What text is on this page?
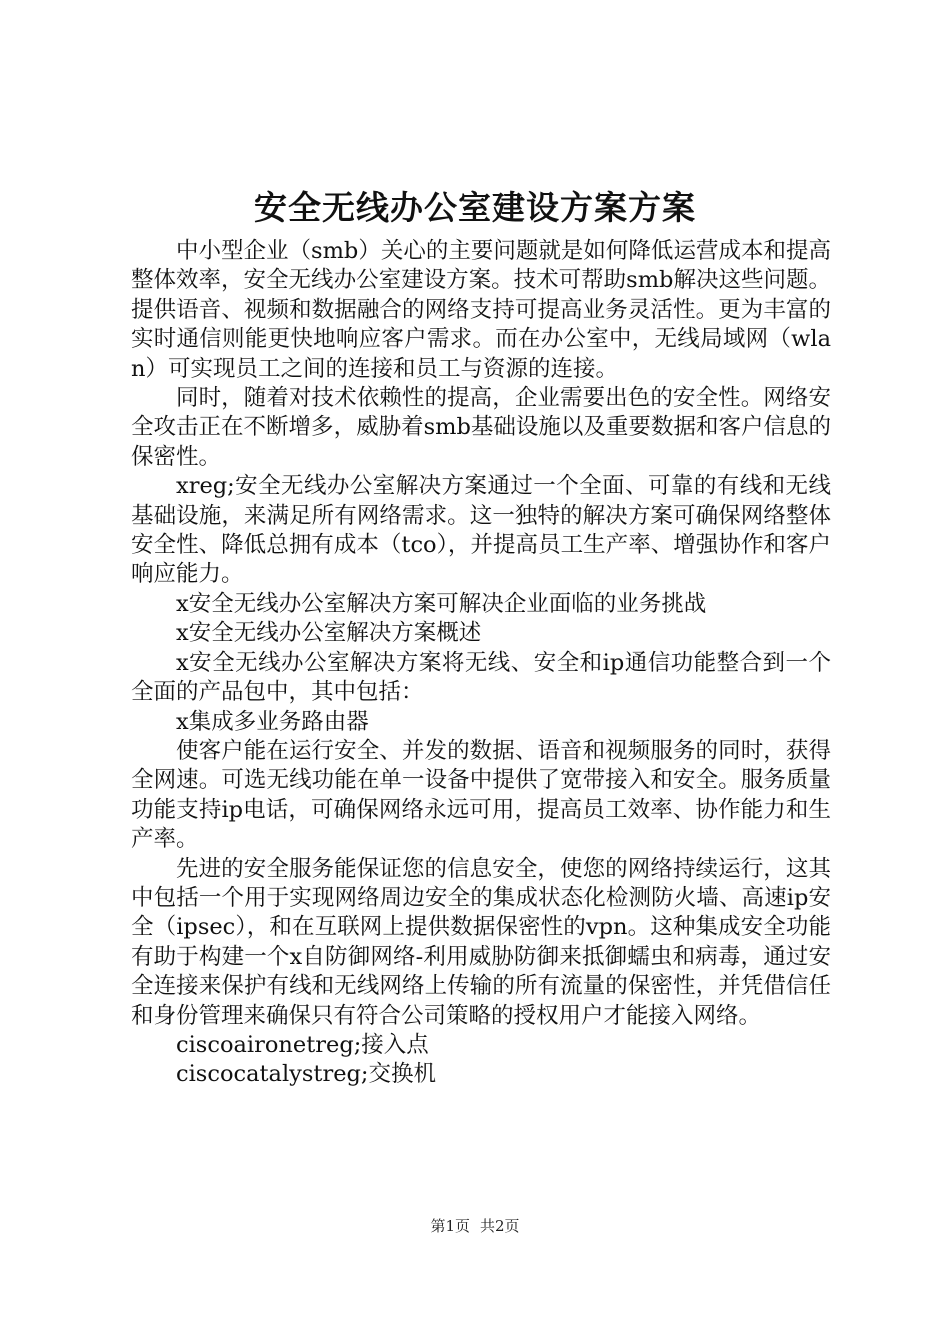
安全无线办公室建设方案方案

中小型企业（smb）关心的主要问题就是如何降低运营成本和提高整体效率，安全无线办公室建设方案。技术可帮助smb解决这些问题。提供语音、视频和数据融合的网络支持可提高业务灵活性。更为丰富的实时通信则能更快地响应客户需求。而在办公室中，无线局域网（wlan）可实现员工之间的连接和员工与资源的连接。

同时，随着对技术依赖性的提高，企业需要出色的安全性。网络安全攻击正在不断增多，威胁着smb基础设施以及重要数据和客户信息的保密性。

xreg;安全无线办公室解决方案通过一个全面、可靠的有线和无线基础设施，来满足所有网络需求。这一独特的解决方案可确保网络整体安全性、降低总拥有成本（tco），并提高员工生产率、增强协作和客户响应能力。

x安全无线办公室解决方案可解决企业面临的业务挑战

x安全无线办公室解决方案概述

x安全无线办公室解决方案将无线、安全和ip通信功能整合到一个全面的产品包中，其中包括：

x集成多业务路由器

使客户能在运行安全、并发的数据、语音和视频服务的同时，获得全网速。可选无线功能在单一设备中提供了宽带接入和安全。服务质量功能支持ip电话，可确保网络永远可用，提高员工效率、协作能力和生产率。

先进的安全服务能保证您的信息安全，使您的网络持续运行，这其中包括一个用于实现网络周边安全的集成状态化检测防火墙、高速ip安全（ipsec），和在互联网上提供数据保密性的vpn。这种集成安全功能有助于构建一个x自防御网络-利用威胁防御来抵御蠕虫和病毒，通过安全连接来保护有线和无线网络上传输的所有流量的保密性，并凭借信任和身份管理来确保只有符合公司策略的授权用户才能接入网络。

ciscoaironetreg;接入点

ciscocatalystreg;交换机

第1页 共2页
